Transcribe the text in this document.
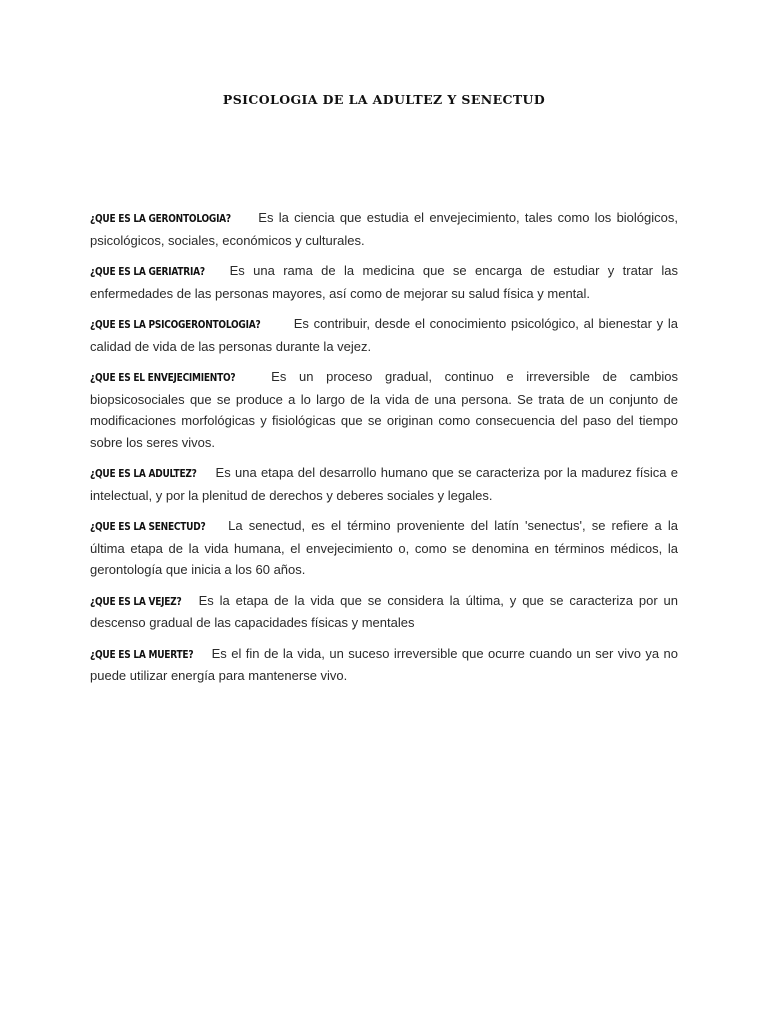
PSICOLOGIA DE LA ADULTEZ Y SENECTUD

¿QUE ES LA GERONTOLOGIA? Es la ciencia que estudia el envejecimiento, tales como los biológicos, psicológicos, sociales, económicos y culturales.

¿QUE ES LA GERIATRIA? Es una rama de la medicina que se encarga de estudiar y tratar las enfermedades de las personas mayores, así como de mejorar su salud física y mental.

¿QUE ES LA PSICOGERONTOLOGIA? Es contribuir, desde el conocimiento psicológico, al bienestar y la calidad de vida de las personas durante la vejez.

¿QUE ES EL ENVEJECIMIENTO? Es un proceso gradual, continuo e irreversible de cambios biopsicosociales que se produce a lo largo de la vida de una persona. Se trata de un conjunto de modificaciones morfológicas y fisiológicas que se originan como consecuencia del paso del tiempo sobre los seres vivos.

¿QUE ES LA ADULTEZ? Es una etapa del desarrollo humano que se caracteriza por la madurez física e intelectual, y por la plenitud de derechos y deberes sociales y legales.

¿QUE ES LA SENECTUD? La senectud, es el término proveniente del latín 'senectus', se refiere a la última etapa de la vida humana, el envejecimiento o, como se denomina en términos médicos, la gerontología que inicia a los 60 años.

¿QUE ES LA VEJEZ? Es la etapa de la vida que se considera la última, y que se caracteriza por un descenso gradual de las capacidades físicas y mentales

¿QUE ES LA MUERTE? Es el fin de la vida, un suceso irreversible que ocurre cuando un ser vivo ya no puede utilizar energía para mantenerse vivo.
